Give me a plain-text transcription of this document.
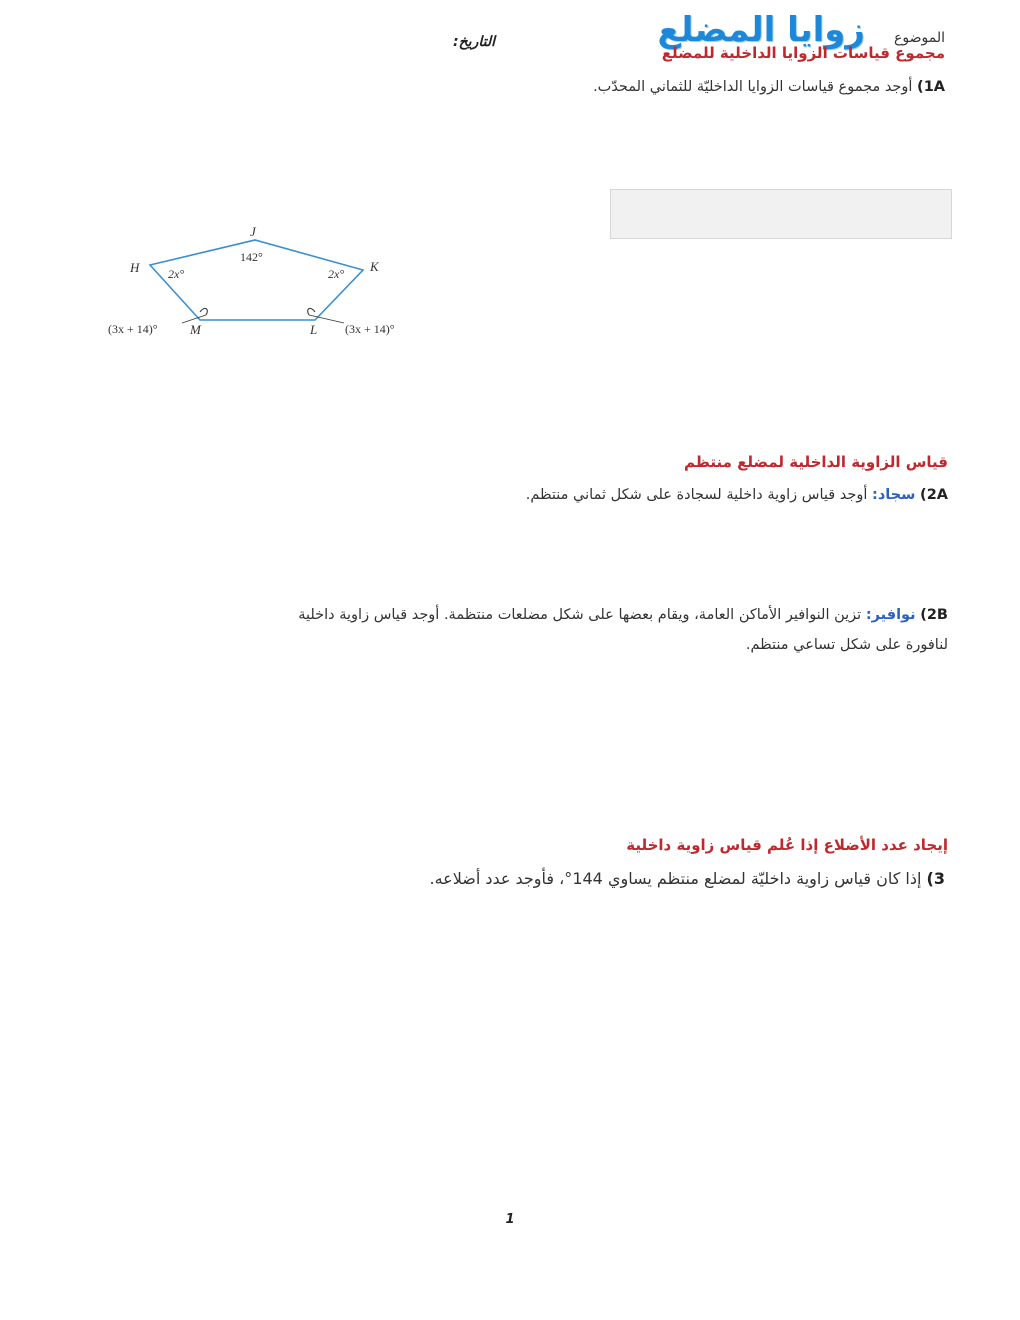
زوايا المضلع	الموضوع
التاريخ:
مجموع قياسات الزوايا الداخلية للمضلع
1A) أوجد مجموع قياسات الزوايا الداخليّة للثماني المحدّب.
H
J
K
L
M
142°
2x°	2x°
(3x + 14)°	(3x + 14)°
قياس الزاوية الداخلية لمضلع منتظم
2A) سجاد: أوجد قياس زاوية داخلية لسجادة على شكل ثماني منتظم.
2B) نوافير: تزين النوافير الأماكن العامة، ويقام بعضها على شكل مضلعات منتظمة. أوجد قياس زاوية داخلية لنافورة على شكل تساعي منتظم.
إيجاد عدد الأضلاع إذا عُلم قياس زاوية داخلية
3) إذا كان قياس زاوية داخليّة لمضلع منتظم يساوي 144°، فأوجد عدد أضلاعه.
1
